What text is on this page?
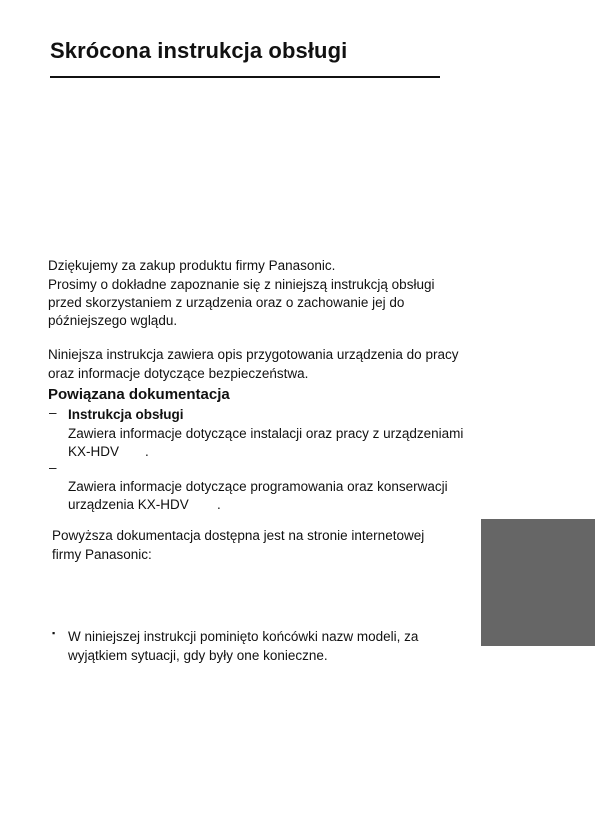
Skrócona instrukcja obsługi
Dziękujemy za zakup produktu firmy Panasonic.
Prosimy o dokładne zapoznanie się z niniejszą instrukcją obsługi
przed skorzystaniem z urządzenia oraz o zachowanie jej do
późniejszego wglądu.
Niniejsza instrukcja zawiera opis przygotowania urządzenia do pracy
oraz informacje dotyczące bezpieczeństwa.
Powiązana dokumentacja
– Instrukcja obsługi
Zawiera informacje dotyczące instalacji oraz pracy z urządzeniami
KX-HDV .
–
Zawiera informacje dotyczące programowania oraz konserwacji
urządzenia KX-HDV .
Powyższa dokumentacja dostępna jest na stronie internetowej
firmy Panasonic:
▪ W niniejszej instrukcji pominięto końcówki nazw modeli, za
wyjątkiem sytuacji, gdy były one konieczne.
